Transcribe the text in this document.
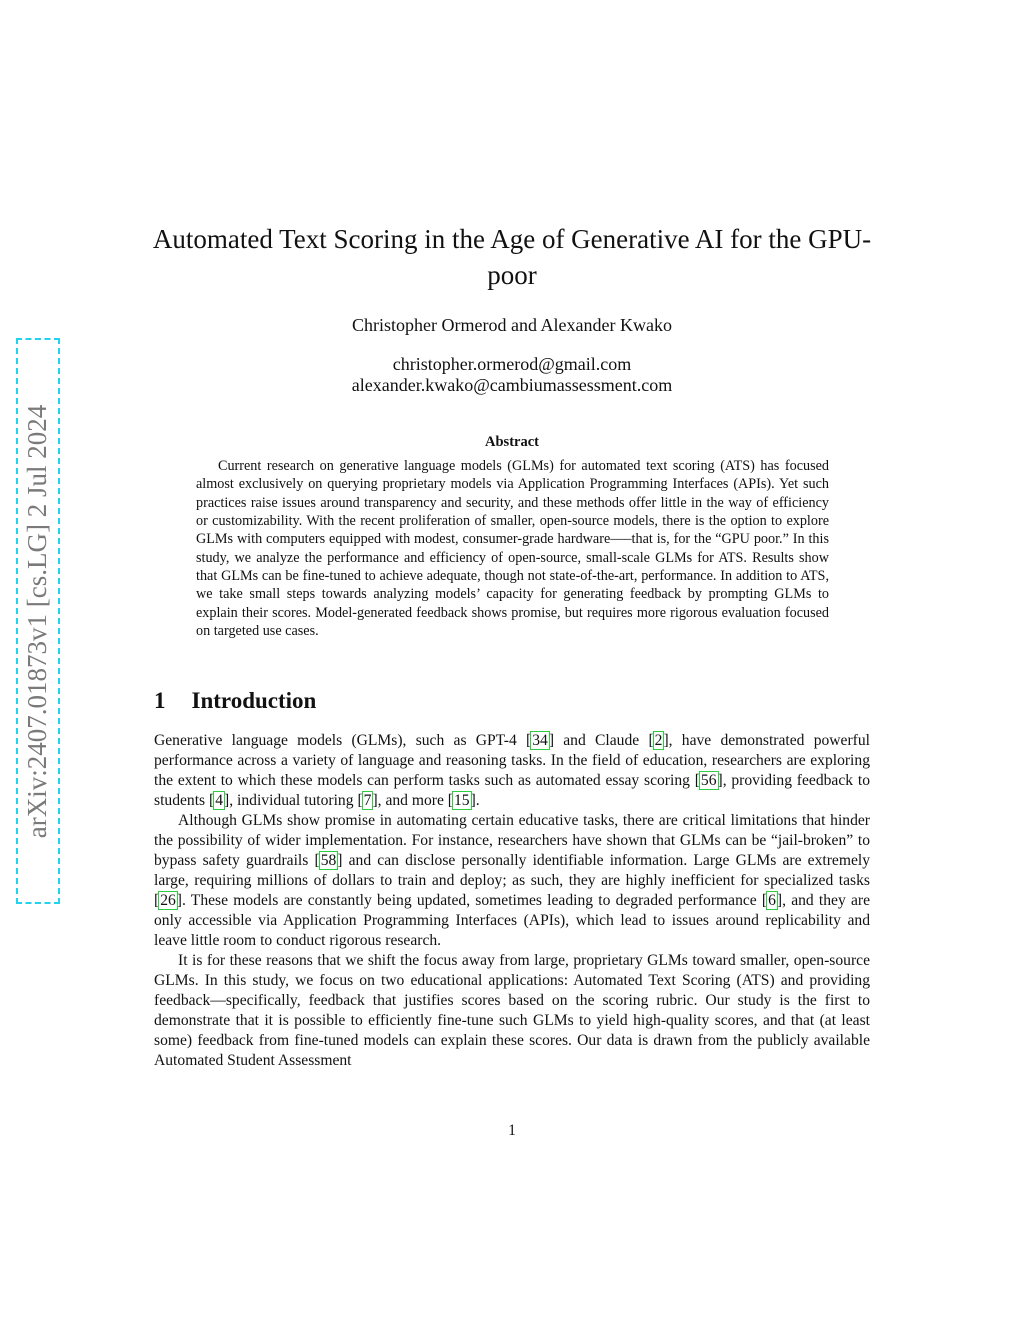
arXiv:2407.01873v1 [cs.LG] 2 Jul 2024
Automated Text Scoring in the Age of Generative AI for the GPU-poor
Christopher Ormerod and Alexander Kwako
christopher.ormerod@gmail.com
alexander.kwako@cambiumassessment.com
Abstract

Current research on generative language models (GLMs) for automated text scoring (ATS) has focused almost exclusively on querying proprietary models via Application Programming Interfaces (APIs). Yet such practices raise issues around transparency and security, and these methods offer little in the way of efficiency or customizability. With the recent proliferation of smaller, open-source models, there is the option to explore GLMs with computers equipped with modest, consumer-grade hardware—–that is, for the “GPU poor.” In this study, we analyze the performance and efficiency of open-source, small-scale GLMs for ATS. Results show that GLMs can be fine-tuned to achieve adequate, though not state-of-the-art, performance. In addition to ATS, we take small steps towards analyzing models’ capacity for generating feedback by prompting GLMs to explain their scores. Model-generated feedback shows promise, but requires more rigorous evaluation focused on targeted use cases.

1 Introduction

Generative language models (GLMs), such as GPT-4 [34] and Claude [2], have demonstrated powerful performance across a variety of language and reasoning tasks. In the field of education, researchers are exploring the extent to which these models can perform tasks such as automated essay scoring [56], providing feedback to students [4], individual tutoring [7], and more [15].

Although GLMs show promise in automating certain educative tasks, there are critical limitations that hinder the possibility of wider implementation. For instance, researchers have shown that GLMs can be “jail-broken” to bypass safety guardrails [58] and can disclose personally identifiable information. Large GLMs are extremely large, requiring millions of dollars to train and deploy; as such, they are highly inefficient for specialized tasks [26]. These models are constantly being updated, sometimes leading to degraded performance [6], and they are only accessible via Application Programming Interfaces (APIs), which lead to issues around replicability and leave little room to conduct rigorous research.

It is for these reasons that we shift the focus away from large, proprietary GLMs toward smaller, open-source GLMs. In this study, we focus on two educational applications: Automated Text Scoring (ATS) and providing feedback—specifically, feedback that justifies scores based on the scoring rubric. Our study is the first to demonstrate that it is possible to efficiently fine-tune such GLMs to yield high-quality scores, and that (at least some) feedback from fine-tuned models can explain these scores. Our data is drawn from the publicly available Automated Student Assessment

1
